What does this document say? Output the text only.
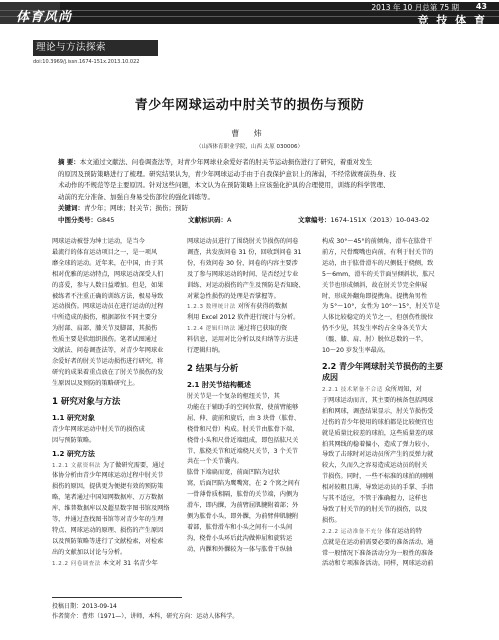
体育风尚
2013 年 10 月总第 75 期 43
竞 技 体 育
理论与方法探索
doi:10.3969/j.issn.1674-151x.2013.10.022
青少年网球运动中肘关节的损伤与预防
曹 炜
（山西体育职业学院，山西 太原 030006）
摘 要：本文通过文献法、问卷调查法等，对青少年网球业余爱好者的肘关节运动损伤进行了研究，着重对发生
的原因及预防策略进行了梳理。研究结果认为，青少年网球运动手由于自我保护意识上的薄弱，不经常做赛前热身、技
术动作的不规范等是主要原因。针对这些问题，本文认为在预防策略上应该强化护具的合理使用，训练的科学管理、
动前的充分准备、加强自身易受伤部位的强化训练等。
关键词：青少年；网球；肘关节；损伤；预防
中图分类号：G845	文献标识码：A	文章编号：1674-151X（2013）10-043-02
网球运动被誉为绅士运动，是当今
最流行的体育运动项目之一，是一项风
靡全球的运动。近年来，在中国，由于其
相对优雅的运动特点，网球运动深受人们
的喜爱，参与人数日益增加。但是，如果
被练者不注重正确的训练方法，极易导致
运动损伤。网球运动员在进行运动的过程
中所造成的损伤，根据部位不同主要分
为肘部、肩部、膝关节及脚部，其损伤
性质主要是软组织损伤。笔者试图通过
文献法、问卷调查法等，对青少年网球业
余爱好者的肘关节运动损伤进行研究，将
研究的成果着重点放在了肘关节损伤的发
生原因以及预防的策略研究上。
1 研究对象与方法
1.1 研究对象
青少年网球运动中肘关节的损伤成
因与预防策略。
1.2 研究方法
1.2.1 文献资料法 为了做研究需要，通过
体协分析由青少年网球运动过程中肘关节
损伤的原因，提供更为便捷有效的预防策
略，笔者通过中国知网数据库、万方数据
库、维普数据库以及超星数字图书馆及网络
等，并通过查找图书馆等对青少年的生理
特点、网球运动的原理、损伤的产生原因
以及预防策略等进行了文献检索，对检索
出的文献加以讨论与分析。
1.2.2 问卷调查法 本文对 31 名青少年
网球运动员进行了围绕肘关节损伤的问卷
调查，共发放问卷 31 份，回收到问卷 31
份，有效问卷 30 份，问卷的内容主要涉
及了参与网球运动的时间、是否经过专业
训练、对运动损伤的产生及预防是否知晓、
对紧急性损伤的处理是否掌握等。
1.2.3 数理统计法 对所有获得的数据
利用 Excel 2012 软件进行统计与分析。
1.2.4 逻辑归纳法 通过将已获取的资
料信息，运用对比分析以及归纳等方法进
行逻辑归纳。
2 结果与分析
2.1 肘关节结构概述
肘关节是一个复杂的枢纽关节，其
功能在于辅助手的空间位置，使前臂能够
屈、伸、旋前和旋后，由 3 块骨（肱骨、
桡骨和尺骨）构成。肘关节由肱骨下端、
桡骨小头和尺骨近端组成，即包括肱尺关
节、肱桡关节和近端桡尺关节，3 个关节
共在一个关节囊内。
肱骨下端扁而宽，前面凹陷为冠状
窝，后面凹陷为鹰嘴窝，在 2 个窝之间有
一骨薄骨质相隔，肱骨的关节端，内侧为
滑车，即内髁，为前臂屈肌腱附着部；外
侧为肱骨小头，即外髁，为前臂伸肌腱附
着部，肱骨滑车和小头之间有一小头间
沟，桡骨小头环后此沟做伸屈和旋转运
动，内髁和外髁较为一体与肱骨干纵轴
构成 30°～45°的前倾角，滑车在肱骨干
前方，尺骨鹰嘴也向前，有利于肘关节的
运动，由于肱骨滑车的尺侧低于桡侧，致
5～6mm，滑车的关节面呈倾斜状，肱尺
关节也形成倾斜，故在肘关节完全伸展
时，形成外翻角即提携角。提携角男性
为 5°～10°，女性为 10°～15°，肘关节是
人体比较稳定的关节之一，但创伤性脱位
仍不少见，其发生率约占全身各关节大
（髋、膝、肩、肘）脱位总数的一半，
10～20 岁发生率最高。
2.2 青少年网球肘关节损伤的主要成因
2.2.1 技术紧备不合适 众所周知，对
于网球运动而言，其主要的核备包括网球
拍和网球，调查结果显示，肘关节损伤受
过伤的青少年使用的球拍都是比较便宜也
就是质量比较差的球拍，这些质量差的球
拍其网线的稳着偏小，造成了弹力较小，
导致了击球时对运动员所产生的反弹力就
较大，久而久之容易造成运动员的肘关
节损伤。同时，一些不标准的球拍的刚刚
相对较粗且薄，导致运动员的手掌、手指
与其不适应，不管于准确握力，这样也
导致了肘关节的的肘关节的损伤，以及
损伤。
2.2.2 运动准备不充分 体育运动的特
点就是在运动前需要必要的准备活动，通
常一般情况下准备活动分为一般性的准备
活动和专项准备活动。同样，网球运动前
投稿日期：2013-09-14
作者简介：曹炜（1971—），讲师，本科，研究方向：运动人体科学。
